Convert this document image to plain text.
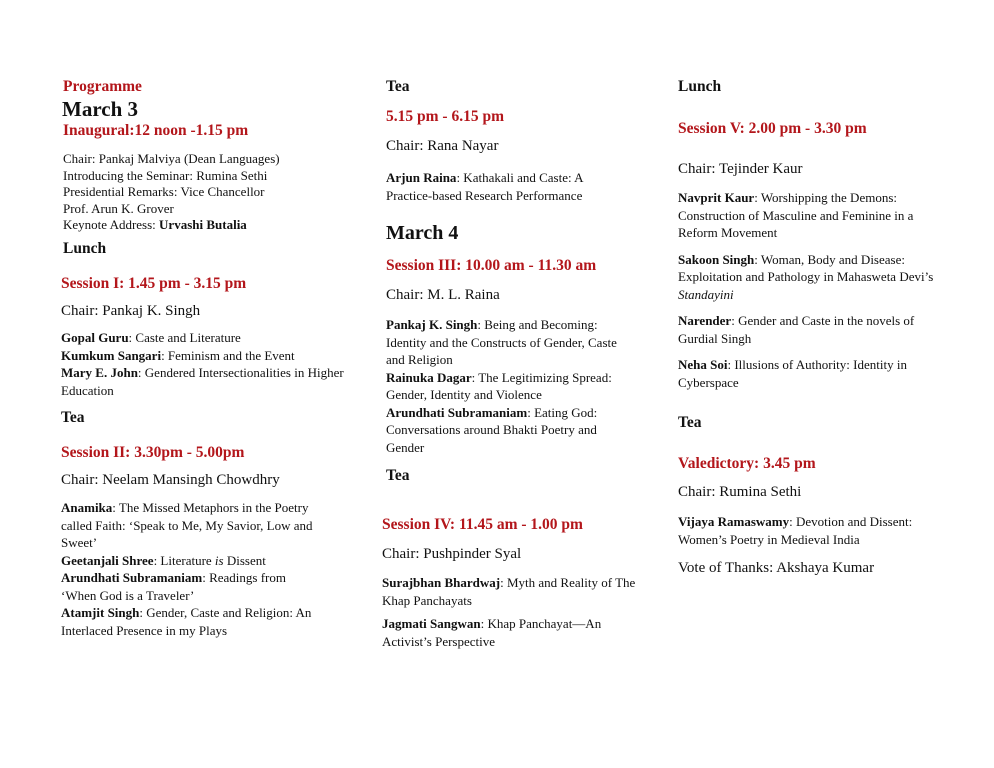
Programme
March 3
Inaugural:12 noon -1.15 pm
Chair: Pankaj Malviya (Dean Languages)
Introducing the Seminar: Rumina Sethi
Presidential Remarks: Vice Chancellor
Prof. Arun K. Grover
Keynote Address: Urvashi Butalia
Lunch
Session I: 1.45 pm - 3.15 pm
Chair: Pankaj K. Singh
Gopal Guru: Caste and Literature
Kumkum Sangari: Feminism and the Event
Mary E. John: Gendered Intersectionalities in Higher Education
Tea
Session II: 3.30pm - 5.00pm
Chair: Neelam Mansingh Chowdhry
Anamika: The Missed Metaphors in the Poetry called Faith: ‘Speak to Me, My Savior, Low and Sweet’
Geetanjali Shree: Literature is Dissent
Arundhati Subramaniam: Readings from ‘When God is a Traveler’
Atamjit Singh: Gender, Caste and Religion: An Interlaced Presence in my Plays
Tea
5.15 pm - 6.15 pm
Chair: Rana Nayar
Arjun Raina: Kathakali and Caste: A Practice-based Research Performance
March 4
Session III: 10.00 am - 11.30 am
Chair: M. L. Raina
Pankaj K. Singh: Being and Becoming: Identity and the Constructs of Gender, Caste and Religion
Rainuka Dagar: The Legitimizing Spread: Gender, Identity and Violence
Arundhati Subramaniam: Eating God: Conversations around Bhakti Poetry and Gender
Tea
Session IV: 11.45 am - 1.00 pm
Chair: Pushpinder Syal
Surajbhan Bhardwaj: Myth and Reality of The Khap Panchayats
Jagmati Sangwan: Khap Panchayat—An Activist’s Perspective
Lunch
Session V: 2.00 pm - 3.30 pm
Chair: Tejinder Kaur
Navprit Kaur: Worshipping the Demons: Construction of Masculine and Feminine in a Reform Movement
Sakoon Singh: Woman, Body and Disease: Exploitation and Pathology in Mahasweta Devi’s Standayini
Narender: Gender and Caste in the novels of Gurdial Singh
Neha Soi: Illusions of Authority: Identity in Cyberspace
Tea
Valedictory: 3.45 pm
Chair: Rumina Sethi
Vijaya Ramaswamy: Devotion and Dissent: Women’s Poetry in Medieval India
Vote of Thanks: Akshaya Kumar
